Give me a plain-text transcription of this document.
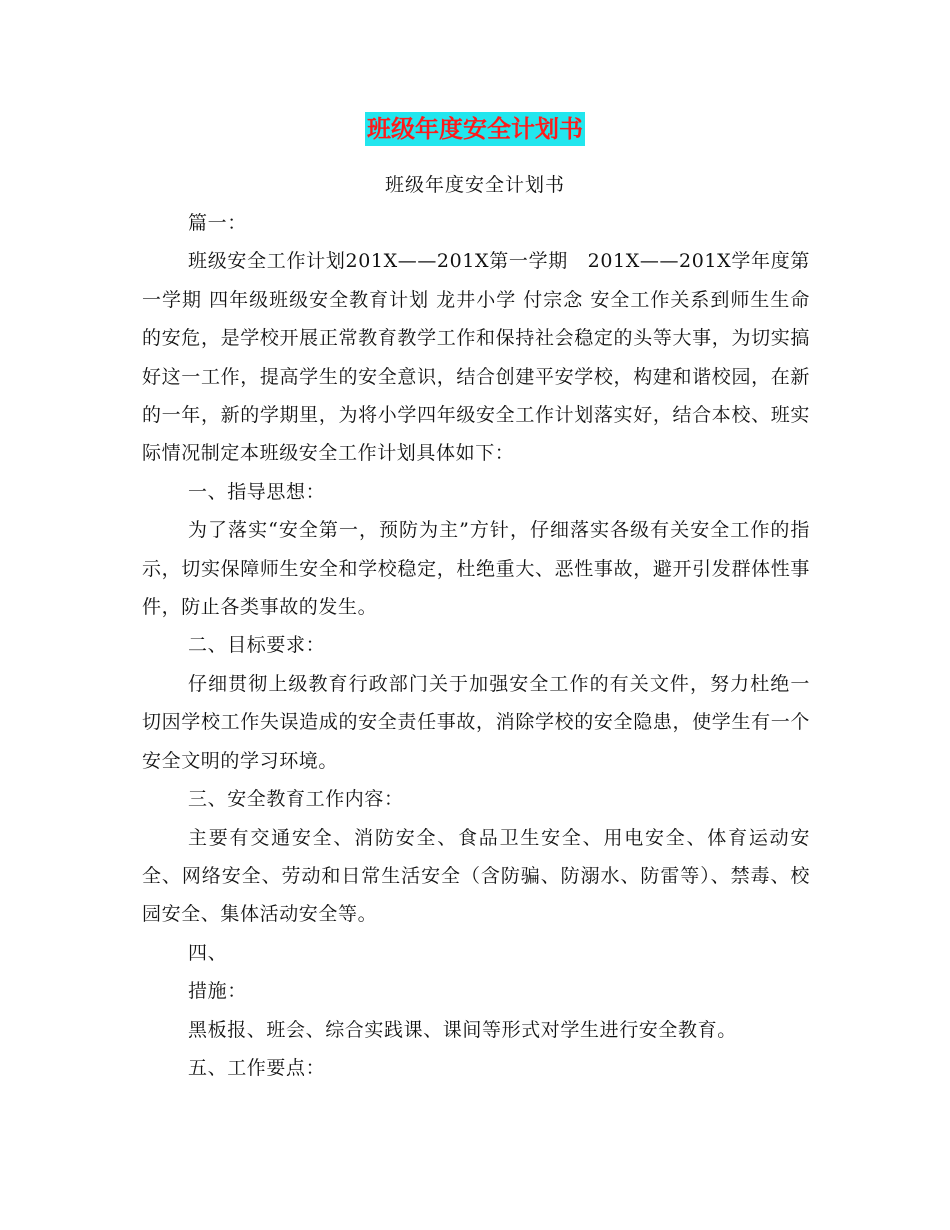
班级年度安全计划书
班级年度安全计划书

篇一：

班级安全工作计划201X——201X第一学期　201X——201X学年度第一学期 四年级班级安全教育计划 龙井小学 付宗念 安全工作关系到师生生命的安危，是学校开展正常教育教学工作和保持社会稳定的头等大事，为切实搞好这一工作，提高学生的安全意识，结合创建平安学校，构建和谐校园，在新的一年，新的学期里，为将小学四年级安全工作计划落实好，结合本校、班实际情况制定本班级安全工作计划具体如下：

一、指导思想：

为了落实“安全第一，预防为主”方针，仔细落实各级有关安全工作的指示，切实保障师生安全和学校稳定，杜绝重大、恶性事故，避开引发群体性事件，防止各类事故的发生。

二、目标要求：

仔细贯彻上级教育行政部门关于加强安全工作的有关文件，努力杜绝一切因学校工作失误造成的安全责任事故，消除学校的安全隐患，使学生有一个安全文明的学习环境。

三、安全教育工作内容：

主要有交通安全、消防安全、食品卫生安全、用电安全、体育运动安全、网络安全、劳动和日常生活安全（含防骗、防溺水、防雷等）、禁毒、校园安全、集体活动安全等。

四、

措施：

黑板报、班会、综合实践课、课间等形式对学生进行安全教育。

五、工作要点：
